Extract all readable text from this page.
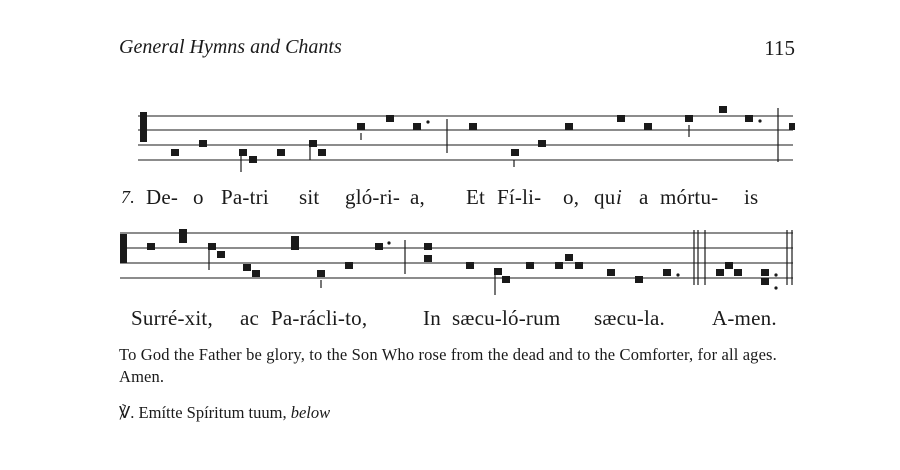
General Hymns and Chants	115
7. De- o Pa-tri sit gló-ri- a, Et Fí-li- o, qu i a mórtu- is
Surré-xit, ac Pa-rácli-to,	In sæcu-ló-rum sæcu-la. A-men.
To God the Father be glory, to the Son Who rose from the dead and to the Comforter, for all ages. Amen.
℣. Emítte Spíritum tuum, below
